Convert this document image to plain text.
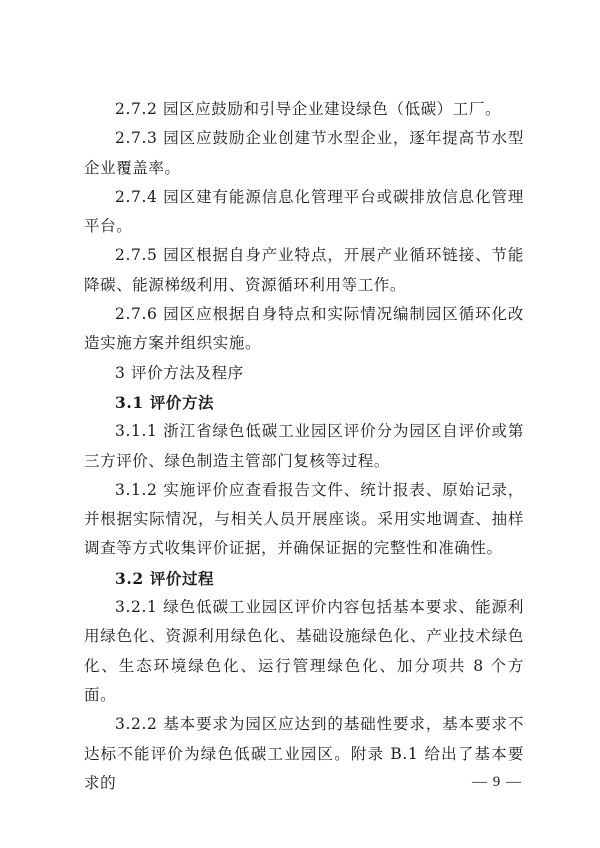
2.7.2 园区应鼓励和引导企业建设绿色（低碳）工厂。

2.7.3 园区应鼓励企业创建节水型企业，逐年提高节水型企业覆盖率。

2.7.4 园区建有能源信息化管理平台或碳排放信息化管理平台。

2.7.5 园区根据自身产业特点，开展产业循环链接、节能降碳、能源梯级利用、资源循环利用等工作。

2.7.6 园区应根据自身特点和实际情况编制园区循环化改造实施方案并组织实施。

3 评价方法及程序

3.1 评价方法

3.1.1 浙江省绿色低碳工业园区评价分为园区自评价或第三方评价、绿色制造主管部门复核等过程。

3.1.2 实施评价应查看报告文件、统计报表、原始记录，并根据实际情况，与相关人员开展座谈。采用实地调查、抽样调查等方式收集评价证据，并确保证据的完整性和准确性。

3.2 评价过程

3.2.1 绿色低碳工业园区评价内容包括基本要求、能源利用绿色化、资源利用绿色化、基础设施绿色化、产业技术绿色化、生态环境绿色化、运行管理绿色化、加分项共 8 个方面。

3.2.2 基本要求为园区应达到的基础性要求，基本要求不达标不能评价为绿色低碳工业园区。附录 B.1 给出了基本要求的	— 9 —
